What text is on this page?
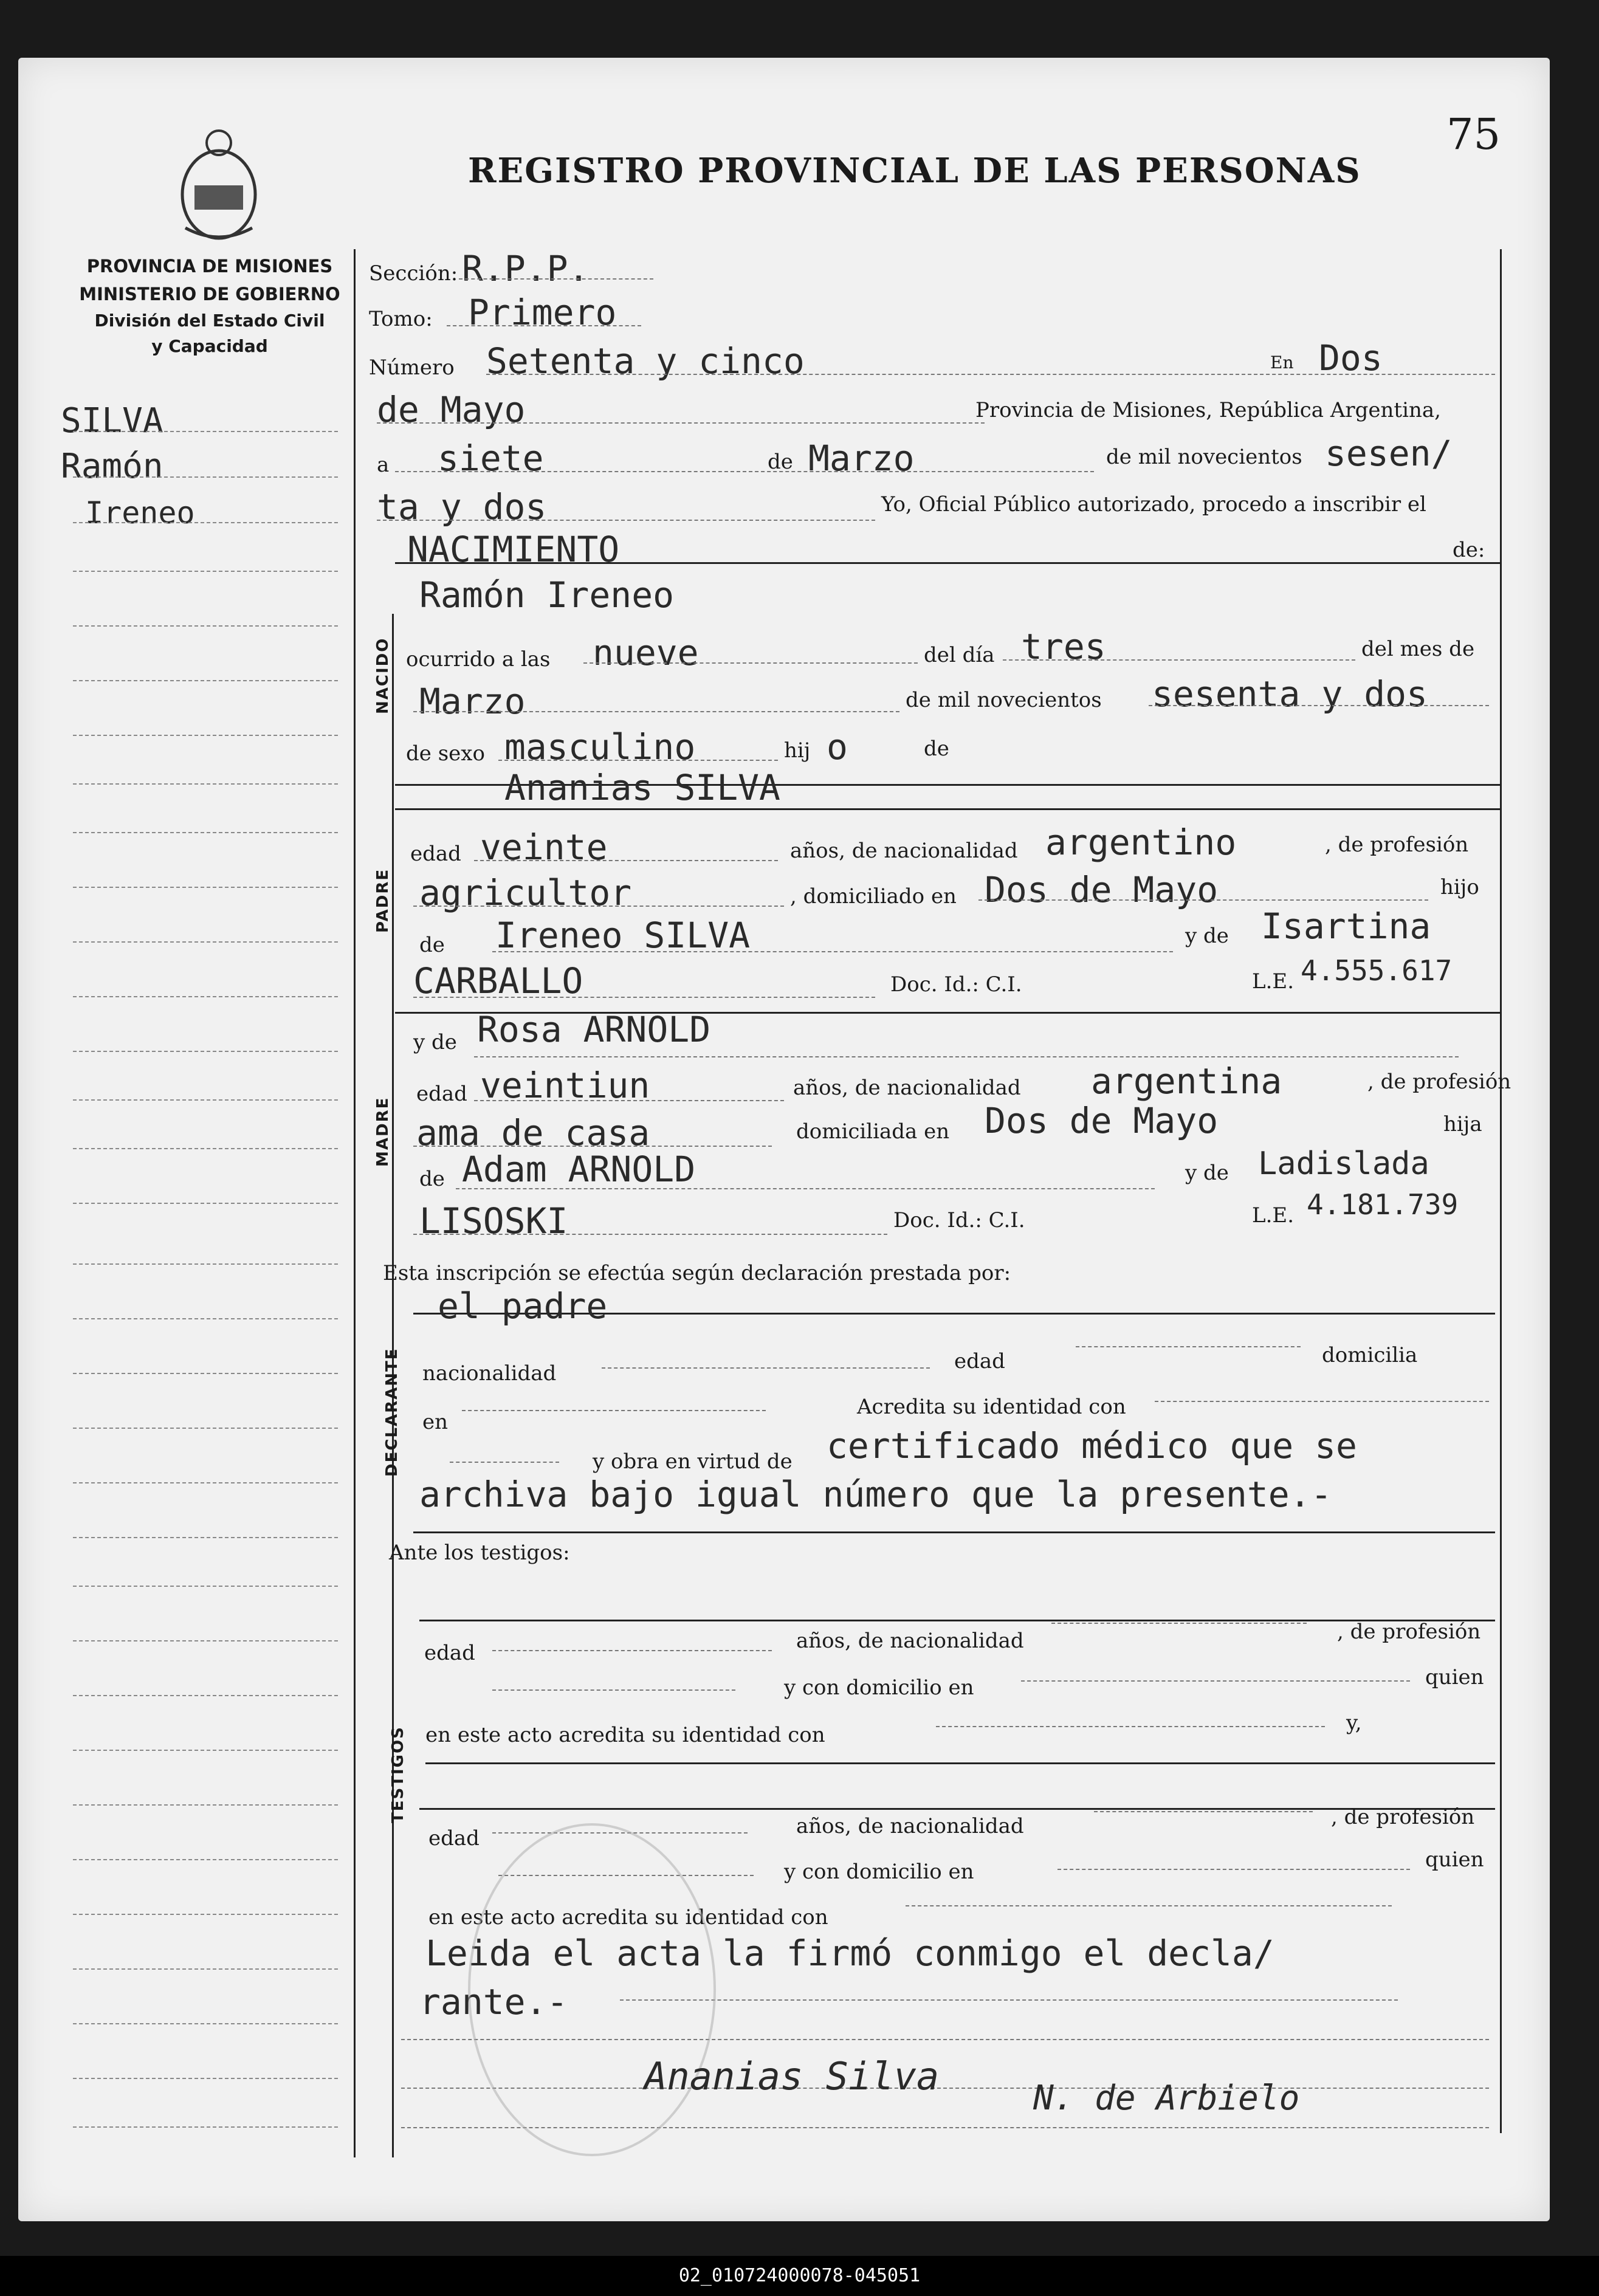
75
REGISTRO PROVINCIAL DE LAS PERSONAS
PROVINCIA DE MISIONES
MINISTERIO DE GOBIERNO
División del Estado Civil
y Capacidad
SILVA
Ramón
Ireneo
Sección: R.P.P.
Tomo: Primero
Número Setenta y cinco	En Dos
de Mayo	Provincia de Misiones, República Argentina,
a siete	de Marzo	de mil novecientos sesen/
ta y dos	Yo, Oficial Público autorizado, procedo a inscribir el
NACIMIENTO	de:
NACIDO
Ramón Ireneo
ocurrido a las nueve	del día tres	del mes de
Marzo	de mil novecientos sesenta y dos
de sexo masculino	hij o	de
PADRE
Ananias SILVA
edad veinte	años, de nacionalidad argentino	, de profesión
agricultor	, domiciliado en Dos de Mayo	hijo
de Ireneo SILVA	y de Isartina
CARBALLO	Doc. Id.: C.I.	L.E. 4.555.617
MADRE
y de Rosa ARNOLD
edad veintiun	años, de nacionalidad argentina	, de profesión
ama de casa	domiciliada en Dos de Mayo	hija
de Adam ARNOLD	y de Ladislada
LISOSKI	Doc. Id.: C.I.	L.E. 4.181.739
Esta inscripción se efectúa según declaración prestada por:
DECLARANTE
el padre
nacionalidad	edad	domicilia
en
Acredita su identidad con
y obra en virtud de certificado médico que se
archiva bajo igual número que la presente.-
Ante los testigos:
TESTIGOS
edad	años, de nacionalidad	, de profesión
y con domicilio en	quien
en este acto acredita su identidad con	y,
edad	años, de nacionalidad	, de profesión
y con domicilio en	quien
en este acto acredita su identidad con
Leida el acta la firmó conmigo el decla/
rante.-
Ananias Silva	N. de Arbielo
02_010724000078-045051
